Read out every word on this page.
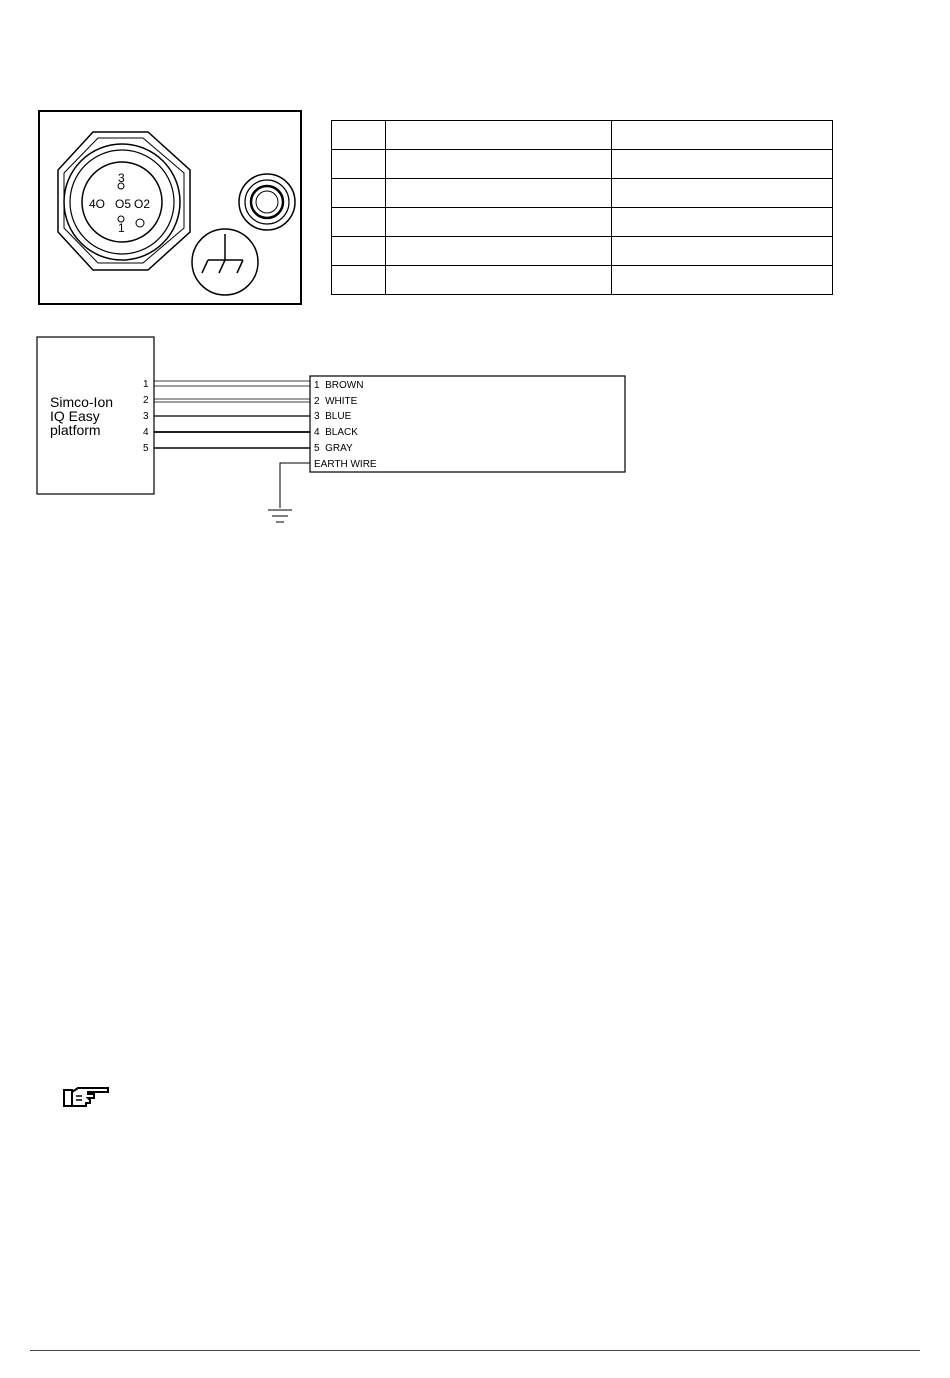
3
4O O5 O2
1

Simco-Ion
IQ Easy
platform
1
2
3
4
5
1  BROWN
2  WHITE
3  BLUE
4  BLACK
5  GRAY
EARTH WIRE
